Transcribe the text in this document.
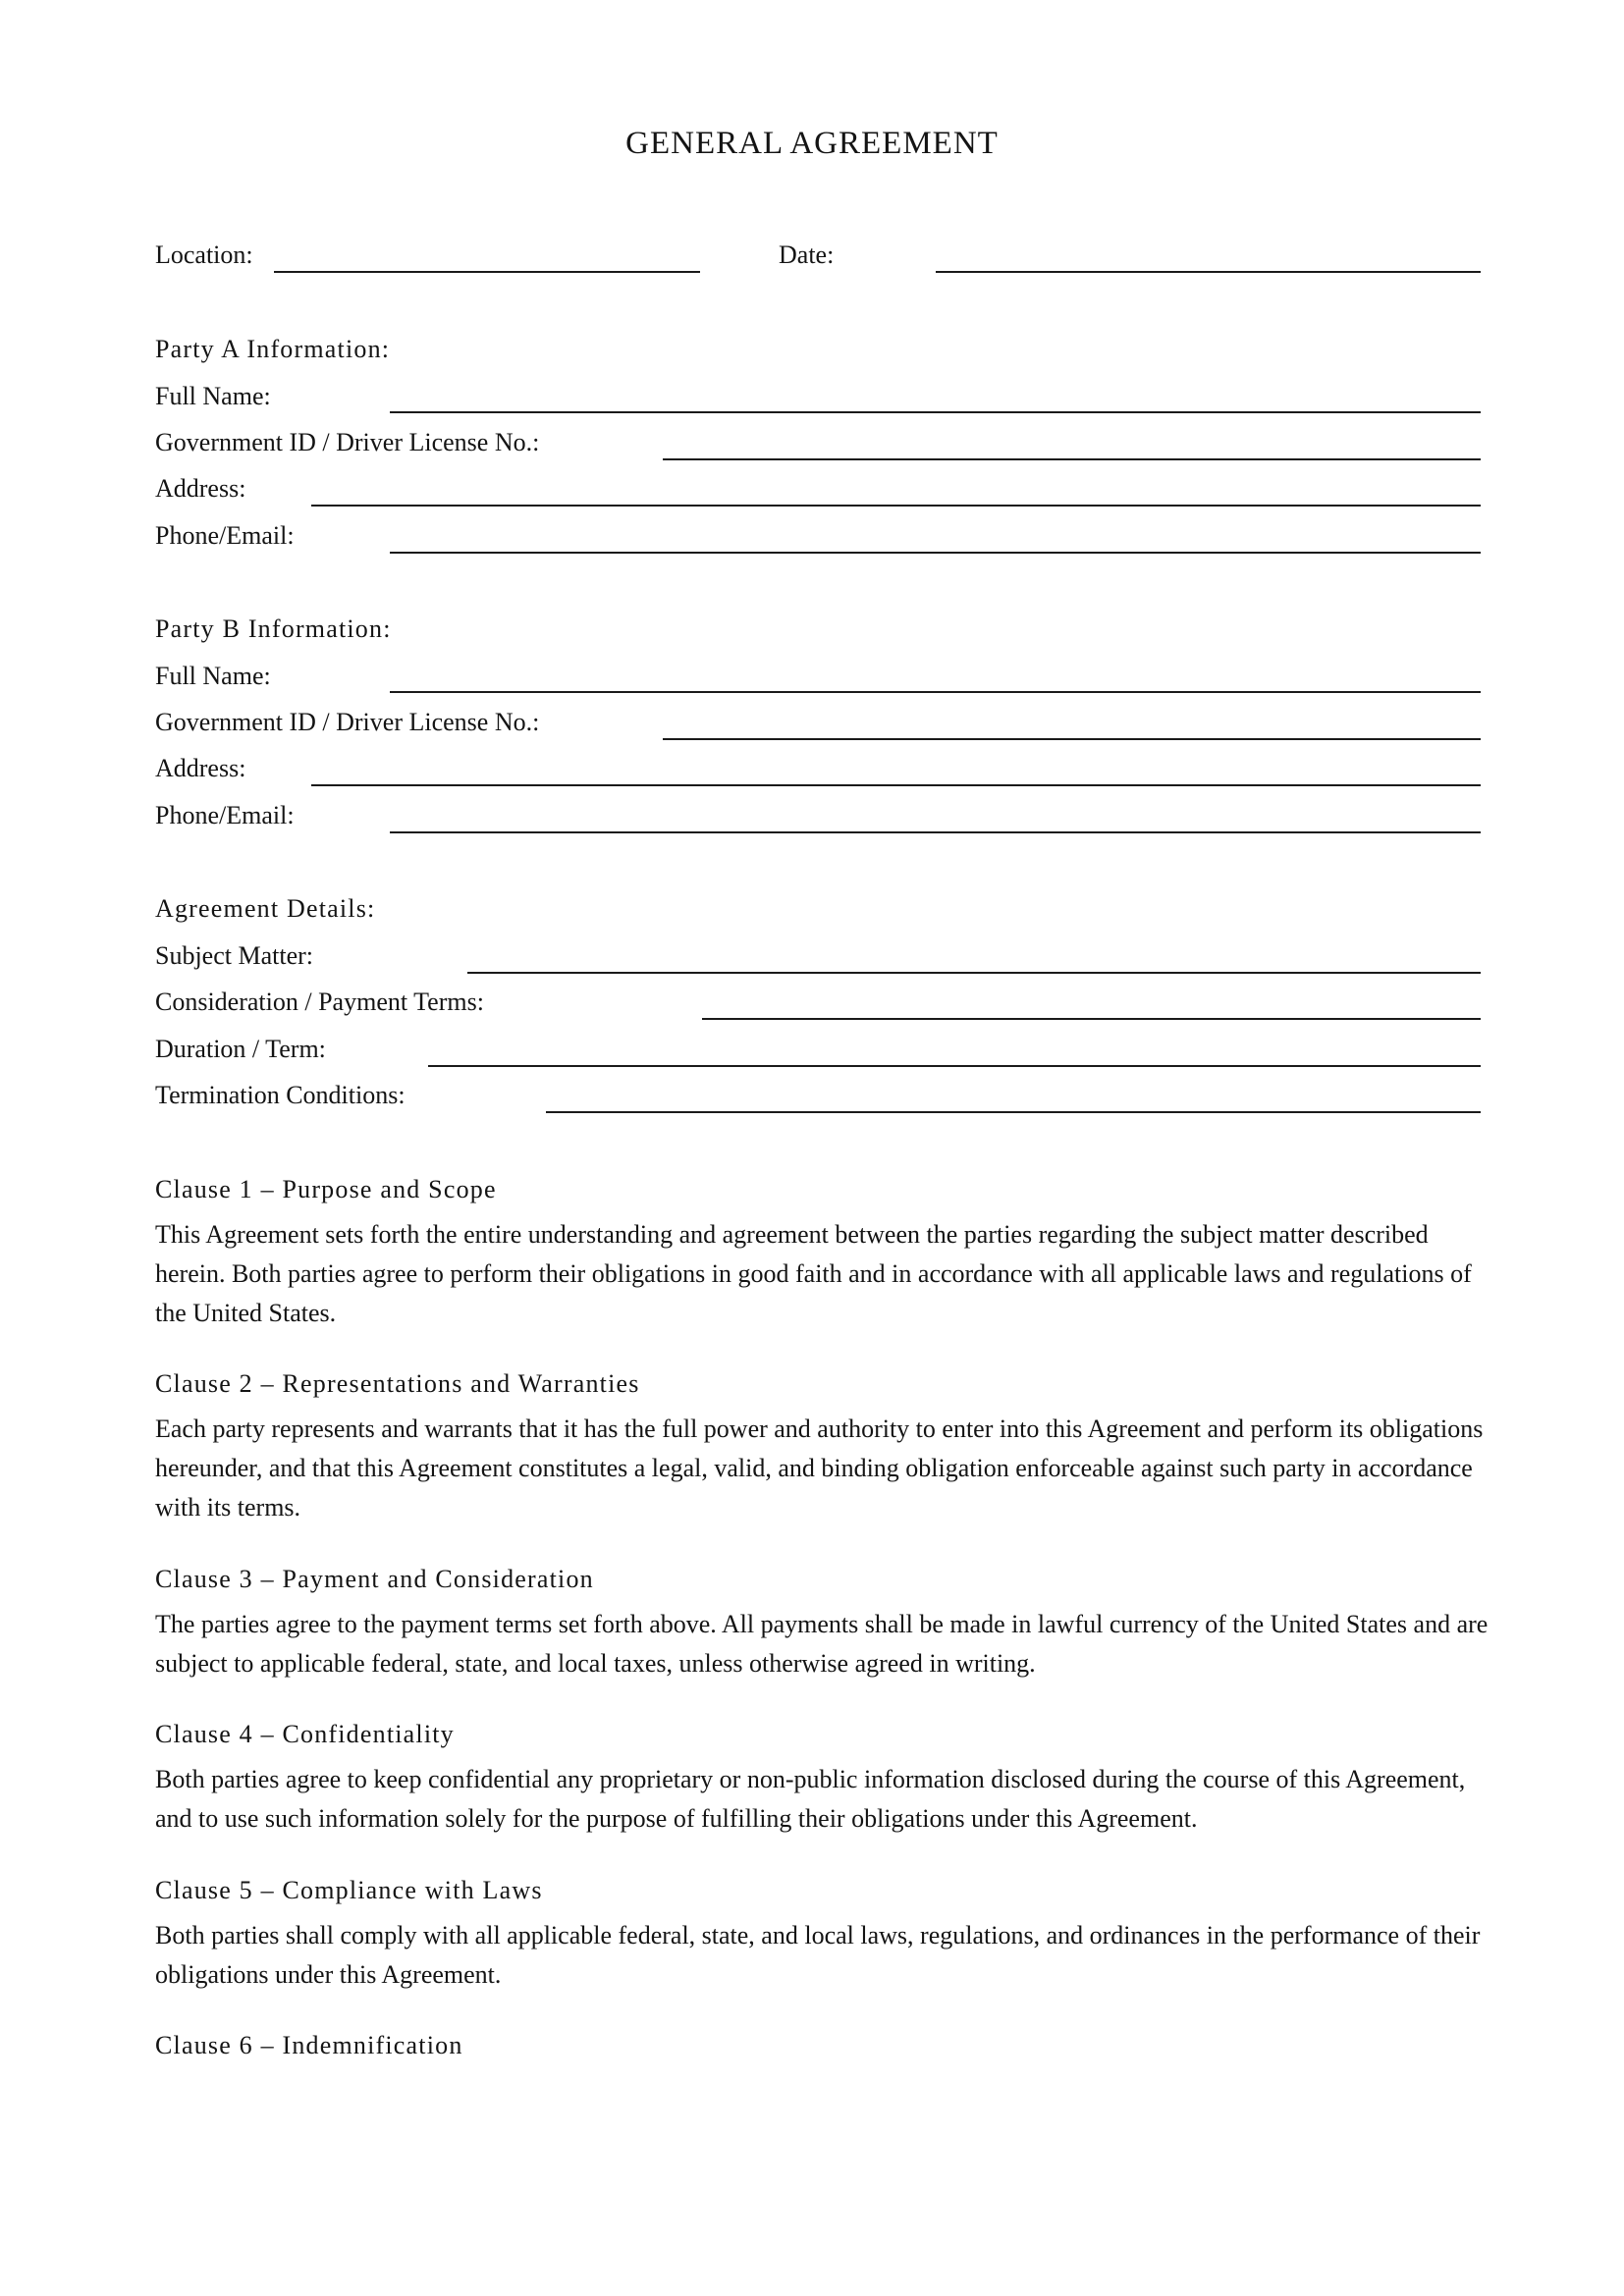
GENERAL AGREEMENT
Location:	Date:
Party A Information:
Full Name:
Government ID / Driver License No.:
Address:
Phone/Email:
Party B Information:
Full Name:
Government ID / Driver License No.:
Address:
Phone/Email:
Agreement Details:
Subject Matter:
Consideration / Payment Terms:
Duration / Term:
Termination Conditions:
Clause 1 – Purpose and Scope
This Agreement sets forth the entire understanding and agreement between the parties regarding the subject matter described herein. Both parties agree to perform their obligations in good faith and in accordance with all applicable laws and regulations of the United States.
Clause 2 – Representations and Warranties
Each party represents and warrants that it has the full power and authority to enter into this Agreement and perform its obligations hereunder, and that this Agreement constitutes a legal, valid, and binding obligation enforceable against such party in accordance with its terms.
Clause 3 – Payment and Consideration
The parties agree to the payment terms set forth above. All payments shall be made in lawful currency of the United States and are subject to applicable federal, state, and local taxes, unless otherwise agreed in writing.
Clause 4 – Confidentiality
Both parties agree to keep confidential any proprietary or non-public information disclosed during the course of this Agreement, and to use such information solely for the purpose of fulfilling their obligations under this Agreement.
Clause 5 – Compliance with Laws
Both parties shall comply with all applicable federal, state, and local laws, regulations, and ordinances in the performance of their obligations under this Agreement.
Clause 6 – Indemnification
